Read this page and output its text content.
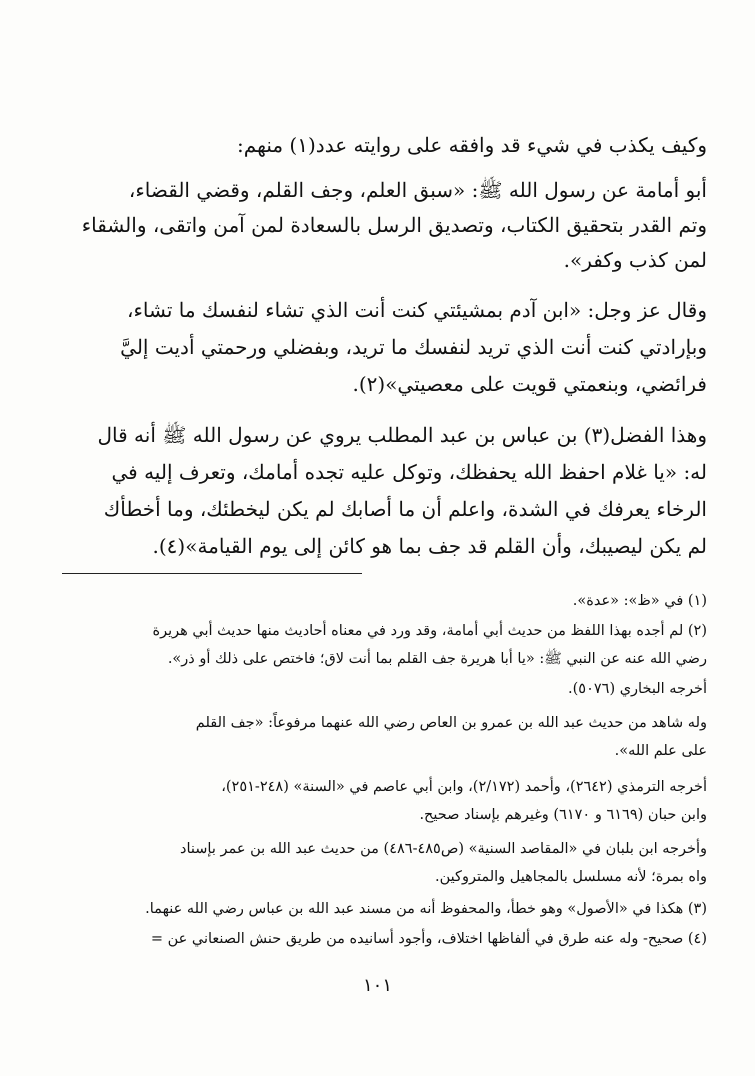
وكيف يكذب في شيء قد وافقه على روايته عدد(١) منهم:
أبو أمامة عن رسول الله ﷺ: «سبق العلم، وجف القلم، وقضي القضاء،
وتم القدر بتحقيق الكتاب، وتصديق الرسل بالسعادة لمن آمن واتقى، والشقاء
لمن كذب وكفر».
وقال عز وجل: «ابن آدم بمشيئتي كنت أنت الذي تشاء لنفسك ما تشاء،
وبإرادتي كنت أنت الذي تريد لنفسك ما تريد، وبفضلي ورحمتي أديت إليَّ
فرائضي، وبنعمتي قويت على معصيتي»(٢).
وهذا الفضل(٣) بن عباس بن عبد المطلب يروي عن رسول الله ﷺ أنه قال
له: «يا غلام احفظ الله يحفظك، وتوكل عليه تجده أمامك، وتعرف إليه في
الرخاء يعرفك في الشدة، واعلم أن ما أصابك لم يكن ليخطئك، وما أخطأك
لم يكن ليصيبك، وأن القلم قد جف بما هو كائن إلى يوم القيامة»(٤).
(١) في «ظ»: «عدة».
(٢) لم أجده بهذا اللفظ من حديث أبي أمامة، وقد ورد في معناه أحاديث منها حديث أبي هريرة
رضي الله عنه عن النبي ﷺ: «يا أبا هريرة جف القلم بما أنت لاق؛ فاختص على ذلك أو ذر».
أخرجه البخاري (٥٠٧٦).
وله شاهد من حديث عبد الله بن عمرو بن العاص رضي الله عنهما مرفوعاً: «جف القلم
على علم الله».
أخرجه الترمذي (٢٦٤٢)، وأحمد (٢/١٧٢)، وابن أبي عاصم في «السنة» (٢٤٨-٢٥١)،
وابن حبان (٦١٦٩ و ٦١٧٠) وغيرهم بإسناد صحيح.
وأخرجه ابن بلبان في «المقاصد السنية» (ص٤٨٥-٤٨٦) من حديث عبد الله بن عمر بإسناد
واه بمرة؛ لأنه مسلسل بالمجاهيل والمتروكين.
(٣) هكذا في «الأصول» وهو خطأ، والمحفوظ أنه من مسند عبد الله بن عباس رضي الله عنهما.
(٤) صحيح- وله عنه طرق في ألفاظها اختلاف، وأجود أسانيده من طريق حنش الصنعاني عن =
١٠١
